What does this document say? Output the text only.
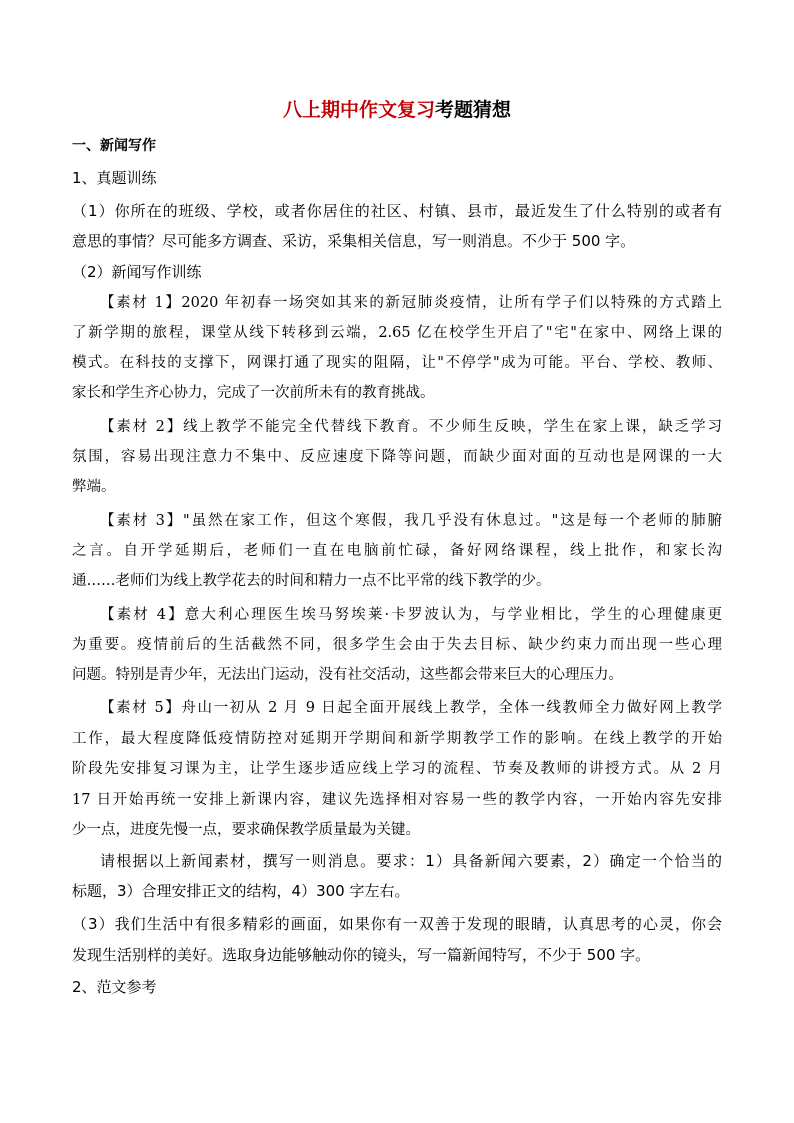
八上期中作文复习考题猜想
一、新闻写作
1、真题训练
（1）你所在的班级、学校，或者你居住的社区、村镇、县市，最近发生了什么特别的或者有
意思的事情？尽可能多方调查、采访，采集相关信息，写一则消息。不少于 500 字。
（2）新闻写作训练
【素材 1】2020 年初春一场突如其来的新冠肺炎疫情，让所有学子们以特殊的方式踏上
了新学期的旅程，课堂从线下转移到云端，2.65 亿在校学生开启了"宅"在家中、网络上课的
模式。在科技的支撑下，网课打通了现实的阻隔，让"不停学"成为可能。平台、学校、教师、
家长和学生齐心协力，完成了一次前所未有的教育挑战。
【素材 2】线上教学不能完全代替线下教育。不少师生反映，学生在家上课，缺乏学习
氛围，容易出现注意力不集中、反应速度下降等问题，而缺少面对面的互动也是网课的一大
弊端。
【素材 3】"虽然在家工作，但这个寒假，我几乎没有休息过。"这是每一个老师的肺腑
之言。自开学延期后，老师们一直在电脑前忙碌，备好网络课程，线上批作，和家长沟
通……老师们为线上教学花去的时间和精力一点不比平常的线下教学的少。
【素材 4】意大利心理医生埃马努埃莱·卡罗波认为，与学业相比，学生的心理健康更
为重要。疫情前后的生活截然不同，很多学生会由于失去目标、缺少约束力而出现一些心理
问题。特别是青少年，无法出门运动，没有社交活动，这些都会带来巨大的心理压力。
【素材 5】舟山一初从 2 月 9 日起全面开展线上教学，全体一线教师全力做好网上教学
工作，最大程度降低疫情防控对延期开学期间和新学期教学工作的影响。在线上教学的开始
阶段先安排复习课为主，让学生逐步适应线上学习的流程、节奏及教师的讲授方式。从 2 月
17 日开始再统一安排上新课内容，建议先选择相对容易一些的教学内容，一开始内容先安排
少一点，进度先慢一点，要求确保教学质量最为关键。
请根据以上新闻素材，撰写一则消息。要求：1）具备新闻六要素，2）确定一个恰当的
标题，3）合理安排正文的结构，4）300 字左右。
（3）我们生活中有很多精彩的画面，如果你有一双善于发现的眼睛，认真思考的心灵，你会
发现生活别样的美好。选取身边能够触动你的镜头，写一篇新闻特写，不少于 500 字。
2、范文参考
